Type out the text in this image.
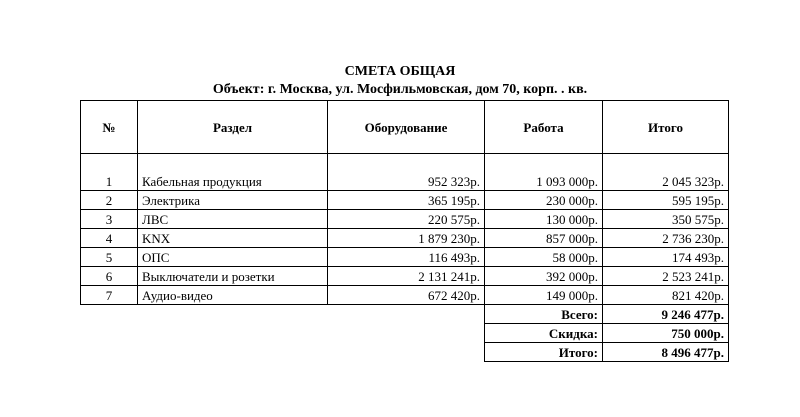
СМЕТА ОБЩАЯ
Объект: г. Москва, ул. Мосфильмовская, дом 70, корп. . кв.
№	Раздел	Оборудование	Работа	Итого

1	Кабельная продукция	952 323р.	1 093 000р.	2 045 323р.
2	Электрика	365 195р.	230 000р.	595 195р.
3	ЛВС	220 575р.	130 000р.	350 575р.
4	KNX	1 879 230р.	857 000р.	2 736 230р.
5	ОПС	116 493р.	58 000р.	174 493р.
6	Выключатели и розетки	2 131 241р.	392 000р.	2 523 241р.
7	Аудио-видео	672 420р.	149 000р.	821 420р.
			Всего:	9 246 477р.
			Скидка:	750 000р.
			Итого:	8 496 477р.
